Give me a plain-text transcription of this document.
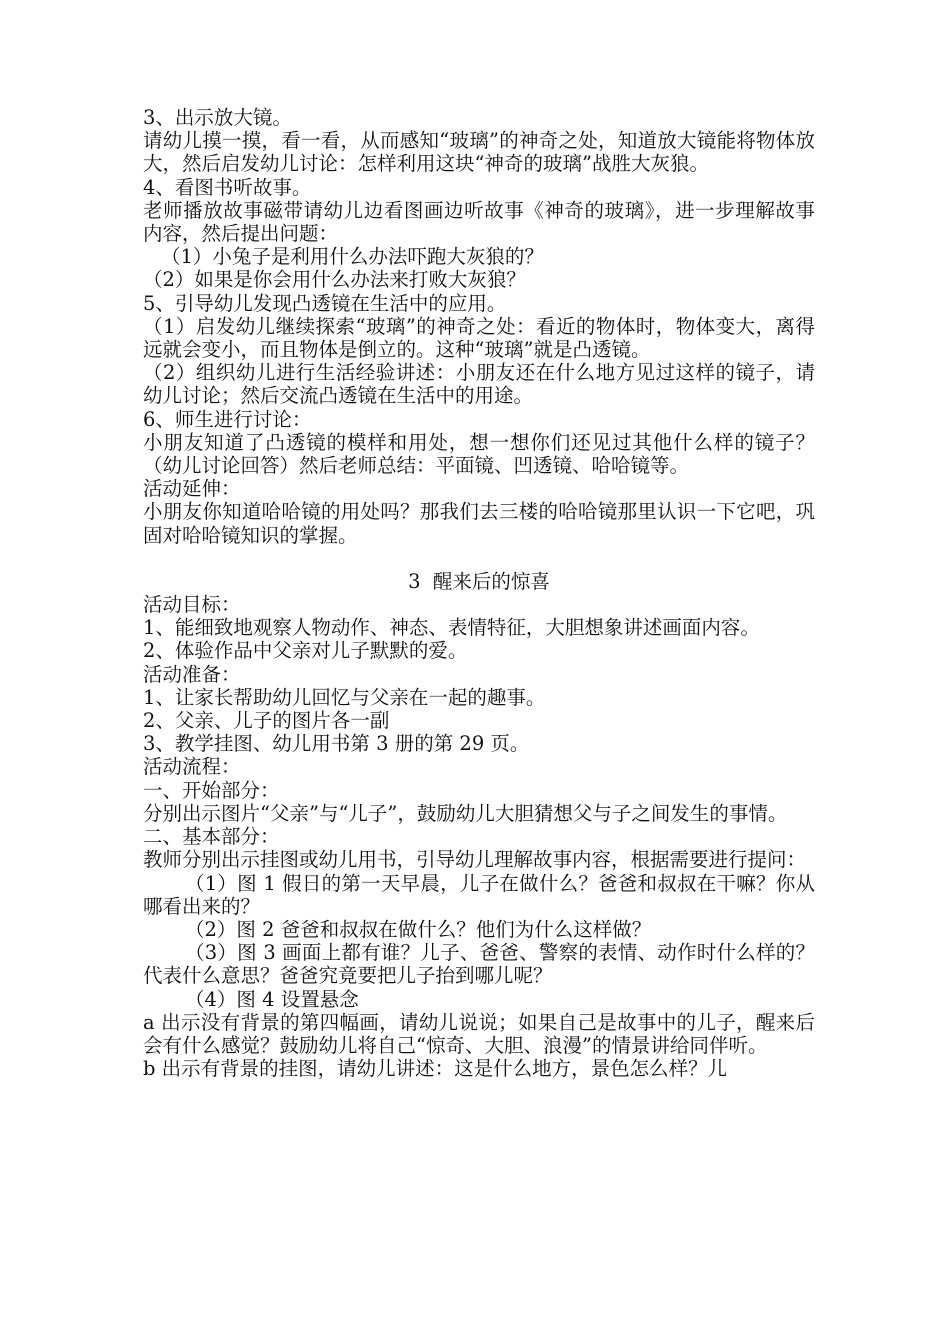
3、出示放大镜。

请幼儿摸一摸，看一看，从而感知“玻璃”的神奇之处，知道放大镜能将物体放大，然后启发幼儿讨论：怎样利用这块“神奇的玻璃”战胜大灰狼。

4、看图书听故事。

老师播放故事磁带请幼儿边看图画边听故事《神奇的玻璃》，进一步理解故事内容，然后提出问题：

（1）小兔子是利用什么办法吓跑大灰狼的？

（2）如果是你会用什么办法来打败大灰狼？

5、引导幼儿发现凸透镜在生活中的应用。

（1）启发幼儿继续探索“玻璃”的神奇之处：看近的物体时，物体变大，离得远就会变小，而且物体是倒立的。这种“玻璃”就是凸透镜。

（2）组织幼儿进行生活经验讲述：小朋友还在什么地方见过这样的镜子，请幼儿讨论；然后交流凸透镜在生活中的用途。

6、师生进行讨论：

小朋友知道了凸透镜的模样和用处，想一想你们还见过其他什么样的镜子？（幼儿讨论回答）然后老师总结：平面镜、凹透镜、哈哈镜等。

活动延伸：

小朋友你知道哈哈镜的用处吗？那我们去三楼的哈哈镜那里认识一下它吧，巩固对哈哈镜知识的掌握。

3  醒来后的惊喜

活动目标：

1、能细致地观察人物动作、神态、表情特征，大胆想象讲述画面内容。

2、体验作品中父亲对儿子默默的爱。

活动准备：

1、让家长帮助幼儿回忆与父亲在一起的趣事。

2、父亲、儿子的图片各一副

3、教学挂图、幼儿用书第 3 册的第 29 页。

活动流程：

一、开始部分：

分别出示图片“父亲”与“儿子”，鼓励幼儿大胆猜想父与子之间发生的事情。

二、基本部分：

教师分别出示挂图或幼儿用书，引导幼儿理解故事内容，根据需要进行提问：

（1）图 1 假日的第一天早晨，儿子在做什么？爸爸和叔叔在干嘛？你从哪看出来的？

（2）图 2 爸爸和叔叔在做什么？他们为什么这样做？

（3）图 3 画面上都有谁？儿子、爸爸、警察的表情、动作时什么样的？代表什么意思？爸爸究竟要把儿子抬到哪儿呢？

（4）图 4 设置悬念

a 出示没有背景的第四幅画，请幼儿说说；如果自己是故事中的儿子，醒来后会有什么感觉？鼓励幼儿将自己“惊奇、大胆、浪漫”的情景讲给同伴听。

b 出示有背景的挂图，请幼儿讲述：这是什么地方，景色怎么样？儿
